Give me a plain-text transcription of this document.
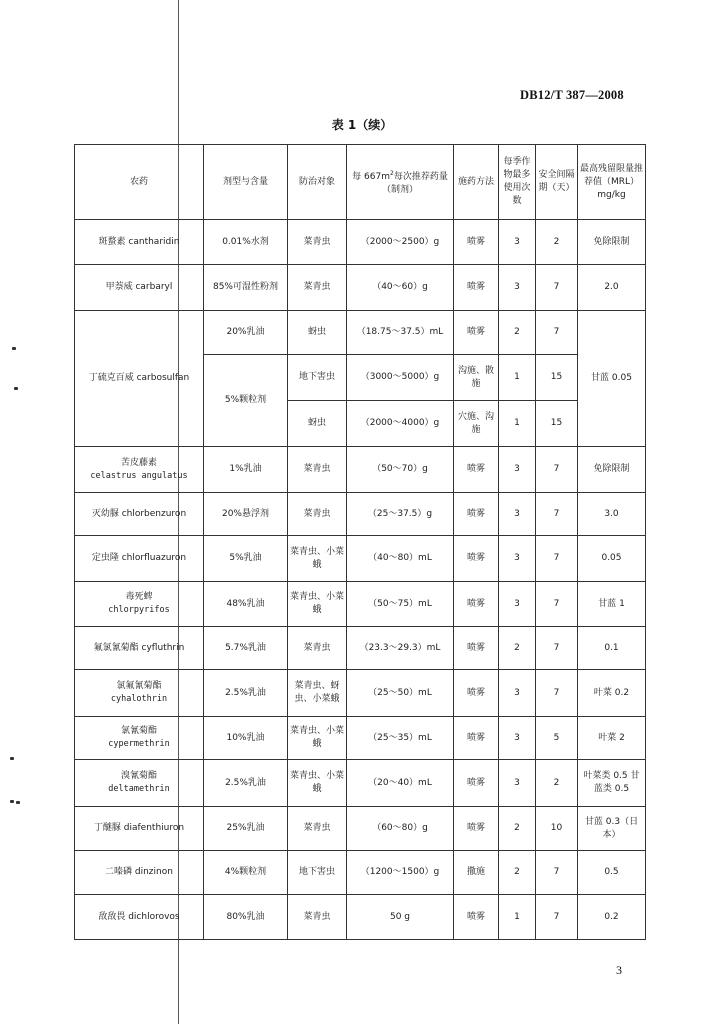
DB12/T 387—2008
表 1（续）
农药	剂型与含量	防治对象	每 $667m^2$每次推荐药量（制剂）	施药方法	每季作物最多使用次数	安全间隔期（天）	最高残留限量推荐值（MRL）mg/kg
斑蝥素 cantharidin	0.01%水剂	菜青虫	（2000～2500）g	喷雾	3	2	免除限制
甲萘威 carbaryl	85%可湿性粉剂	菜青虫	（40～60）g	喷雾	3	7	2.0
丁硫克百威 carbosulfan	20%乳油	蚜虫	（18.75～37.5）mL	喷雾	2	7	甘蓝 0.05
	5%颗粒剂	地下害虫	（3000～5000）g	沟施、散施	1	15	
		蚜虫	（2000～4000）g	穴施、沟施	1	15	

苦皮藤素
celastrus angulatus	1%乳油	菜青虫	（50～70）g	喷雾	3	7	免除限制
灭幼脲 chlorbenzuron	20%悬浮剂	菜青虫	（25～37.5）g	喷雾	3	7	3.0
定虫隆 chlorfluazuron	5%乳油	菜青虫、小菜蛾	（40～80）mL	喷雾	3	7	0.05

毒死蜱
chlorpyrifos	48%乳油	菜青虫、小菜蛾	（50～75）mL	喷雾	3	7	甘蓝 1
氟氯氰菊酯 cyfluthrin	5.7%乳油	菜青虫	（23.3～29.3）mL	喷雾	2	7	0.1

氯氟氰菊酯
cyhalothrin	2.5%乳油	菜青虫、蚜虫、小菜蛾	（25～50）mL	喷雾	3	7	叶菜 0.2

氯氰菊酯
cypermethrin	10%乳油	菜青虫、小菜蛾	（25～35）mL	喷雾	3	5	叶菜 2

溴氰菊酯
deltamethrin	2.5%乳油	菜青虫、小菜蛾	（20～40）mL	喷雾	3	2	叶菜类 0.5 甘蓝类 0.5
丁醚脲 diafenthiuron	25%乳油	菜青虫	（60～80）g	喷雾	2	10	甘蓝 0.3（日本）
二嗪磷 dinzinon	4%颗粒剂	地下害虫	（1200～1500）g	撒施	2	7	0.5
敌敌畏 dichlorovos	80%乳油	菜青虫	50 g	喷雾	1	7	0.2
3
